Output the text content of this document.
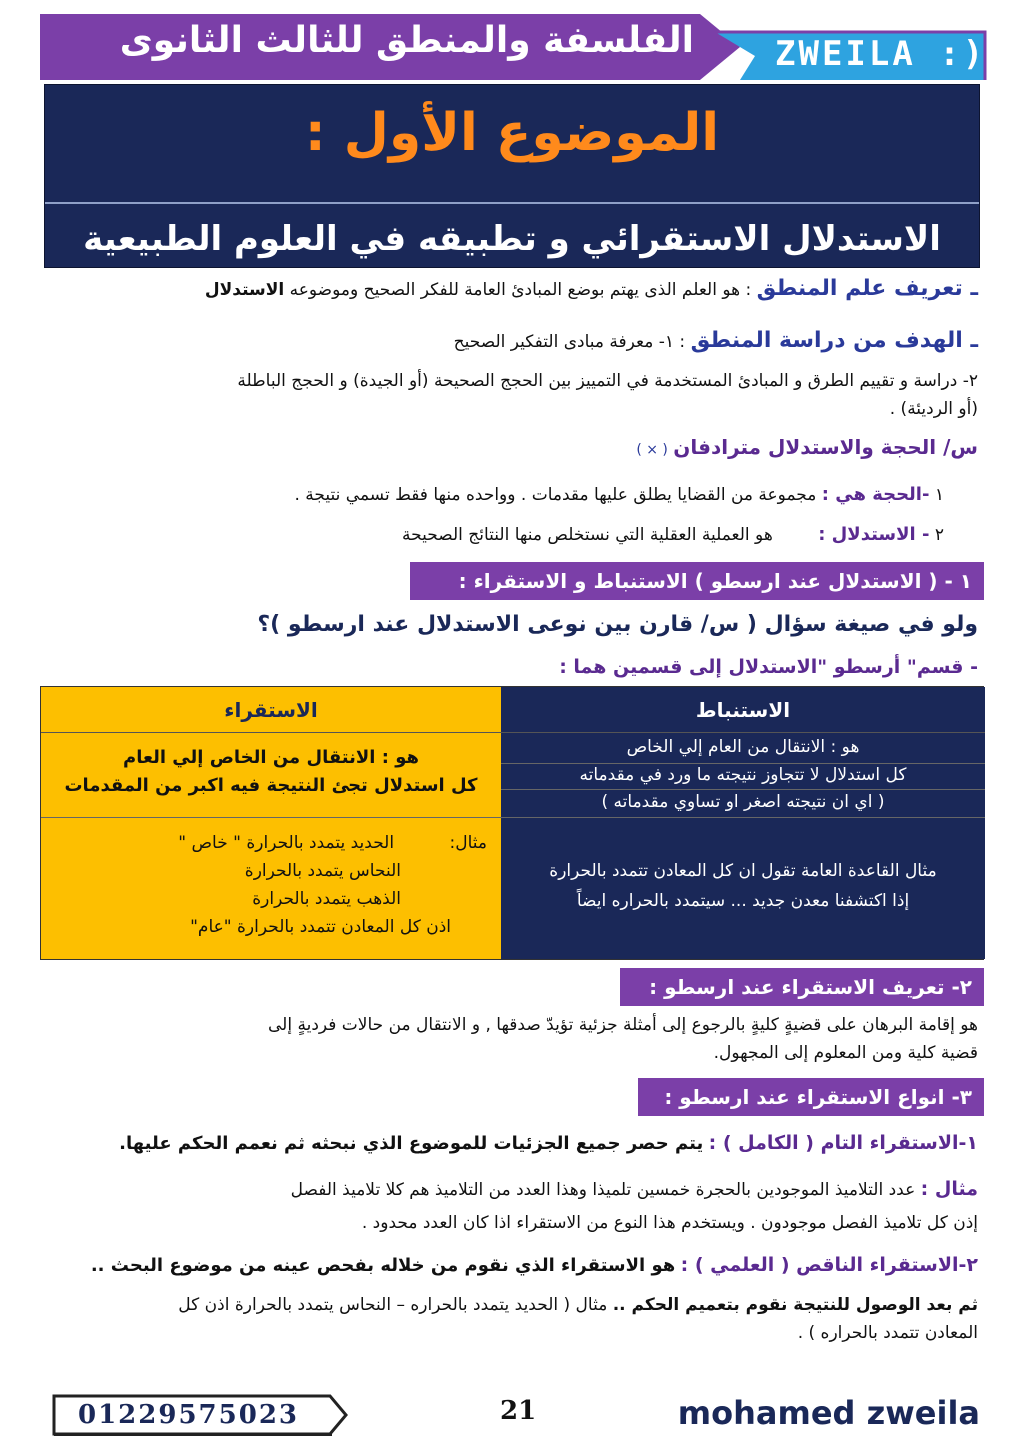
الفلسفة والمنطق للثالث الثانوى ZWEILA :)
الموضوع الأول :
الاستدلال الاستقرائي و تطبيقه في العلوم الطبيعية
ـ تعريف علم المنطق : هو العلم الذى يهتم بوضع المبادئ العامة للفكر الصحيح وموضوعه الاستدلال
ـ الهدف من دراسة المنطق : ١- معرفة مبادى التفكير الصحيح
٢- دراسة و تقييم الطرق و المبادئ المستخدمة في التمييز بين الحجج الصحيحة (أو الجيدة) و الحجج الباطلة
(أو الرديئة) .
س/ الحجة والاستدلال مترادفان ( × )
١ -الحجة هي : مجموعة من القضايا يطلق عليها مقدمات . وواحده منها فقط تسمي نتيجة .
٢ - الاستدلال : هو العملية العقلية التي نستخلص منها النتائج الصحيحة
١ - ( الاستدلال عند ارسطو ) الاستنباط و الاستقراء :
ولو في صيغة سؤال ( س/ قارن بين نوعى الاستدلال عند ارسطو )؟
- قسم" أرسطو "الاستدلال إلى قسمين هما :
الاستنباط
هو : الانتقال من العام إلي الخاص
كل استدلال لا تتجاوز نتيجته ما ورد في مقدماته
( اي ان نتيجته اصغر او تساوي مقدماته )
مثال القاعدة العامة تقول ان كل المعادن تتمدد بالحرارة
إذا اكتشفنا معدن جديد ... سيتمدد بالحراره ايضاً
الاستقراء
هو : الانتقال من الخاص إلي العام
كل استدلال تجئ النتيجة فيه اكبر من المقدمات
مثال: الحديد يتمدد بالحرارة " خاص "
النحاس يتمدد بالحرارة
الذهب يتمدد بالحرارة
اذن كل المعادن تتمدد بالحرارة "عام"
٢- تعريف الاستقراء عند ارسطو :
هو إقامة البرهان على قضيةٍ كليةٍ بالرجوع إلى أمثلة جزئية تؤيدّ صدقها , و الانتقال من حالات فرديةٍ إلى
قضية كلية ومن المعلوم إلى المجهول.
٣- انواع الاستقراء عند ارسطو :
١-الاستقراء التام ( الكامل ) : يتم حصر جميع الجزئيات للموضوع الذي نبحثه ثم نعمم الحكم عليها.
مثال : عدد التلاميذ الموجودين بالحجرة خمسين تلميذا وهذا العدد من التلاميذ هم كلا تلاميذ الفصل
إذن كل تلاميذ الفصل موجودون . ويستخدم هذا النوع من الاستقراء اذا كان العدد محدود .
٢-الاستقراء الناقص ( العلمي ) : هو الاستقراء الذي نقوم من خلاله بفحص عينه من موضوع البحث ..
ثم بعد الوصول للنتيجة نقوم بتعميم الحكم .. مثال ( الحديد يتمدد بالحراره – النحاس يتمدد بالحرارة اذن كل
المعادن تتمدد بالحراره ) .
01229575023	21	mohamed zweila
